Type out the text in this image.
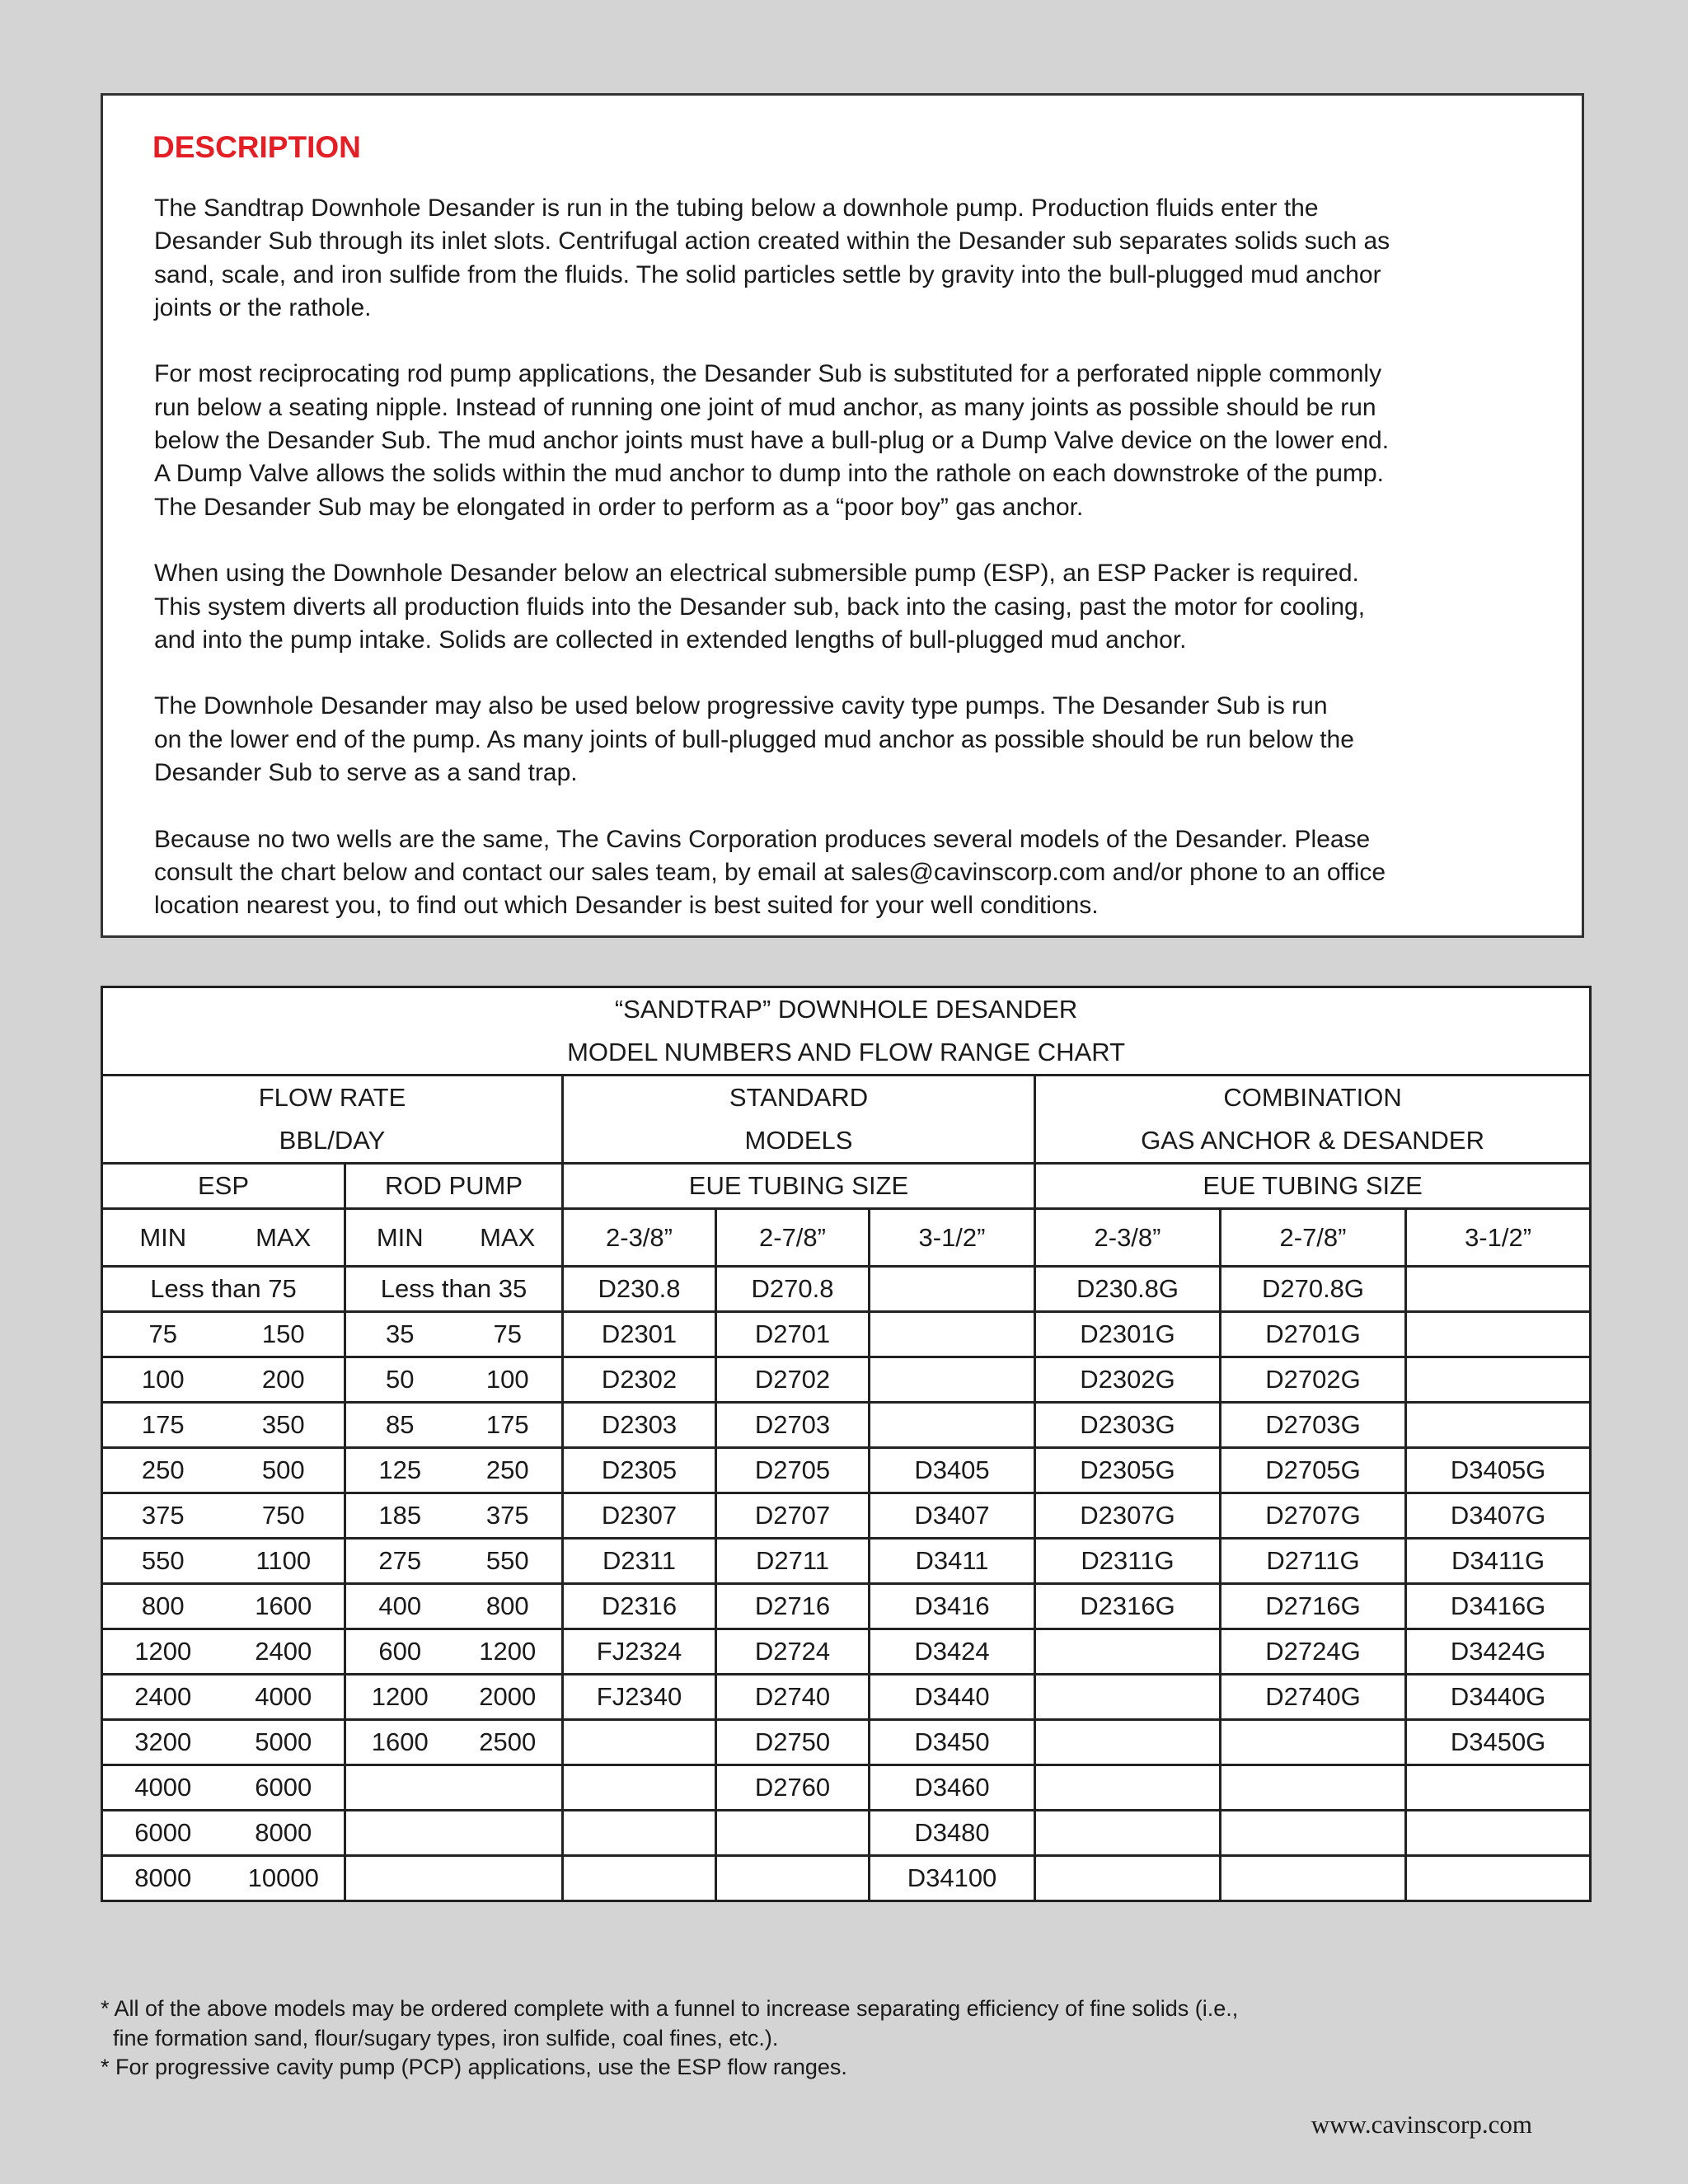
DESCRIPTION
The Sandtrap Downhole Desander is run in the tubing below a downhole pump. Production fluids enter the
Desander Sub through its inlet slots. Centrifugal action created within the Desander sub separates solids such as
sand, scale, and iron sulfide from the fluids. The solid particles settle by gravity into the bull-plugged mud anchor
joints or the rathole.
For most reciprocating rod pump applications, the Desander Sub is substituted for a perforated nipple commonly
run below a seating nipple. Instead of running one joint of mud anchor, as many joints as possible should be run
below the Desander Sub. The mud anchor joints must have a bull-plug or a Dump Valve device on the lower end.
A Dump Valve allows the solids within the mud anchor to dump into the rathole on each downstroke of the pump.
The Desander Sub may be elongated in order to perform as a “poor boy” gas anchor.
When using the Downhole Desander below an electrical submersible pump (ESP), an ESP Packer is required.
This system diverts all production fluids into the Desander sub, back into the casing, past the motor for cooling,
and into the pump intake. Solids are collected in extended lengths of bull-plugged mud anchor.
The Downhole Desander may also be used below progressive cavity type pumps. The Desander Sub is run
on the lower end of the pump. As many joints of bull-plugged mud anchor as possible should be run below the
Desander Sub to serve as a sand trap.
Because no two wells are the same, The Cavins Corporation produces several models of the Desander. Please
consult the chart below and contact our sales team, by email at sales@cavinscorp.com and/or phone to an office
location nearest you, to find out which Desander is best suited for your well conditions.
“SANDTRAP” DOWNHOLE DESANDER									
MODEL NUMBERS AND FLOW RANGE CHART									
FLOW RATE				STANDARD			COMBINATION		
BBL/DAY				MODELS			GAS ANCHOR & DESANDER		
ESP		ROD PUMP		EUE TUBING SIZE			EUE TUBING SIZE		
MIN	MAX	MIN	MAX	2-3/8”	2-7/8”	3-1/2”	2-3/8”	2-7/8”	3-1/2”
Less than 75		Less than 35		D230.8	D270.8		D230.8G	D270.8G	
75	150	35	75	D2301	D2701		D2301G	D2701G	
100	200	50	100	D2302	D2702		D2302G	D2702G	
175	350	85	175	D2303	D2703		D2303G	D2703G	
250	500	125	250	D2305	D2705	D3405	D2305G	D2705G	D3405G
375	750	185	375	D2307	D2707	D3407	D2307G	D2707G	D3407G
550	1100	275	550	D2311	D2711	D3411	D2311G	D2711G	D3411G
800	1600	400	800	D2316	D2716	D3416	D2316G	D2716G	D3416G
1200	2400	600	1200	FJ2324	D2724	D3424		D2724G	D3424G
2400	4000	1200	2000	FJ2340	D2740	D3440		D2740G	D3440G
3200	5000	1600	2500		D2750	D3450			D3450G
4000	6000				D2760	D3460			
6000	8000					D3480			
8000	10000					D34100			
* All of the above models may be ordered complete with a funnel to increase separating efficiency of fine solids (i.e.,
fine formation sand, flour/sugary types, iron sulfide, coal fines, etc.).
* For progressive cavity pump (PCP) applications, use the ESP flow ranges.
www.cavinscorp.com
